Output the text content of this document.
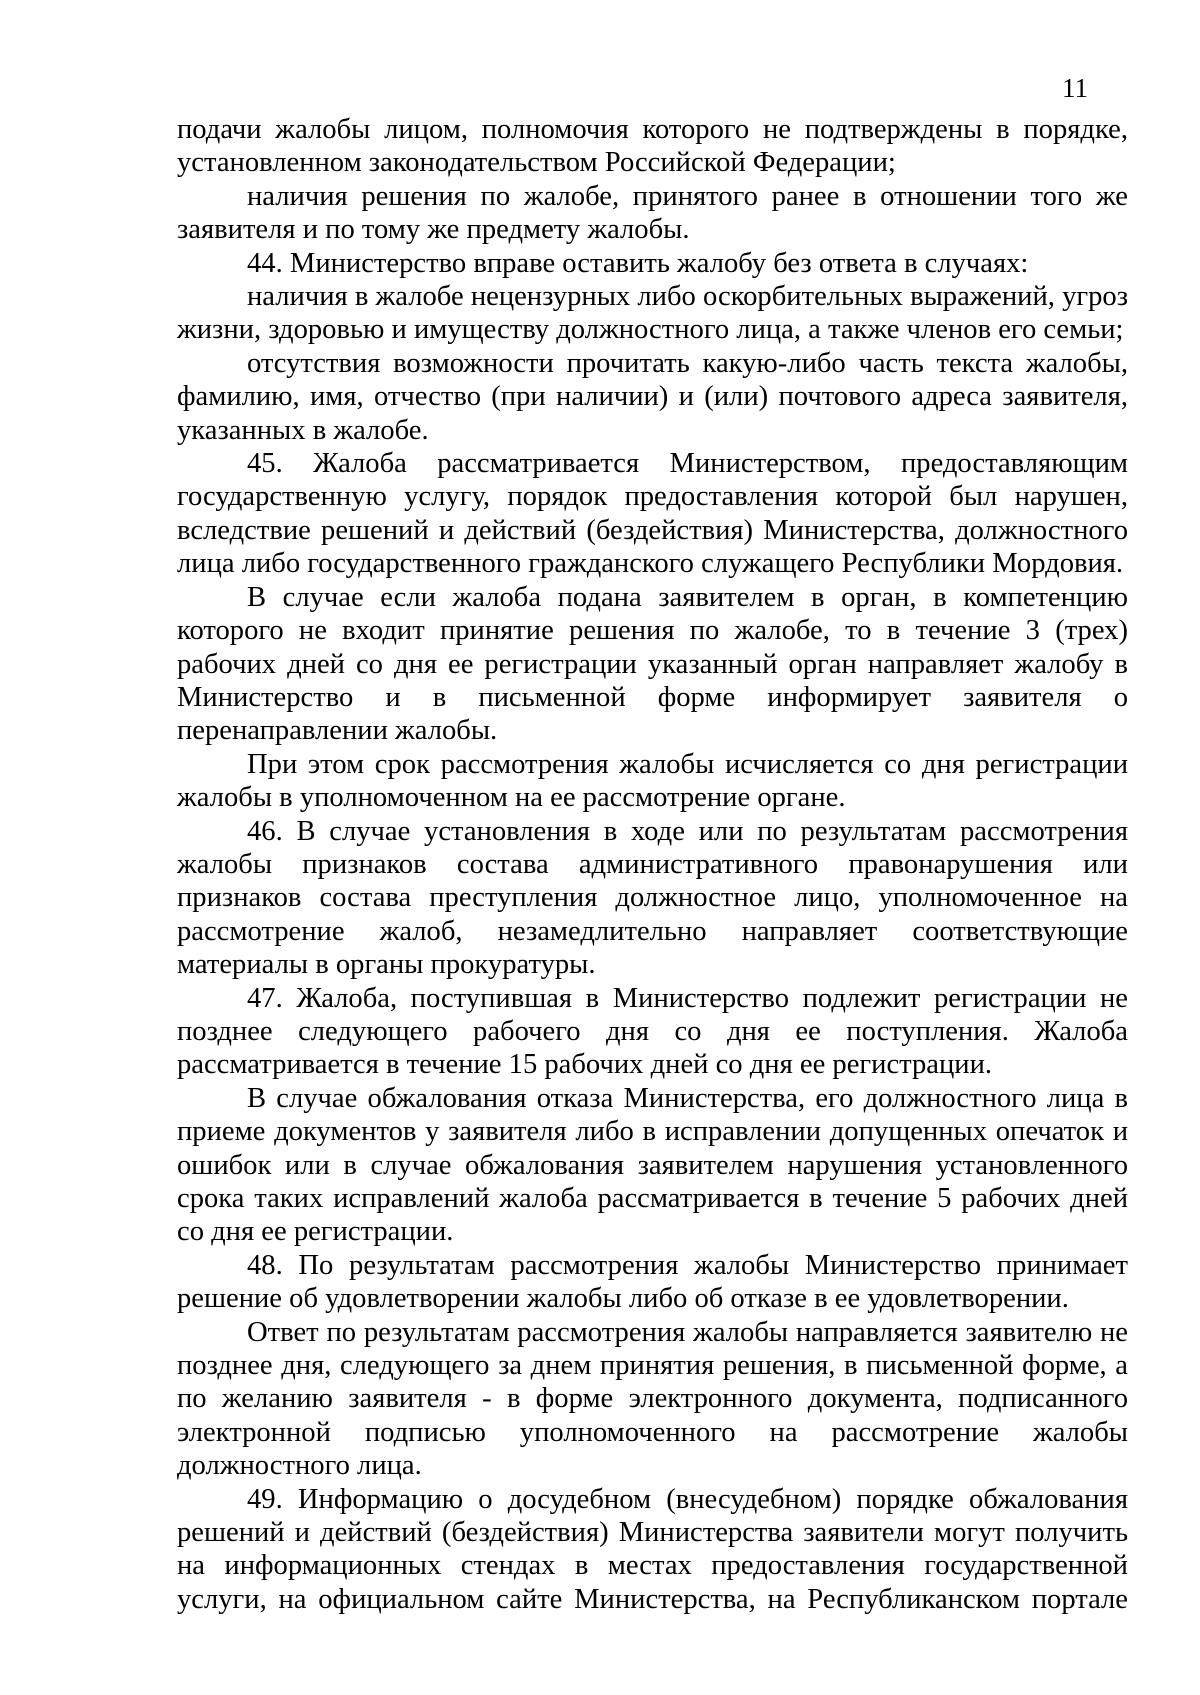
11

подачи жалобы лицом, полномочия которого не подтверждены в порядке, установленном законодательством Российской Федерации;

наличия решения по жалобе, принятого ранее в отношении того же заявителя и по тому же предмету жалобы.

44. Министерство вправе оставить жалобу без ответа в случаях:

наличия в жалобе нецензурных либо оскорбительных выражений, угроз жизни, здоровью и имуществу должностного лица, а также членов его семьи;

отсутствия возможности прочитать какую-либо часть текста жалобы, фамилию, имя, отчество (при наличии) и (или) почтового адреса заявителя, указанных в жалобе.

45. Жалоба рассматривается Министерством, предоставляющим государственную услугу, порядок предоставления которой был нарушен, вследствие решений и действий (бездействия) Министерства, должностного лица либо государственного гражданского служащего Республики Мордовия.

В случае если жалоба подана заявителем в орган, в компетенцию которого не входит принятие решения по жалобе, то в течение 3 (трех) рабочих дней со дня ее регистрации указанный орган направляет жалобу в Министерство и в письменной форме информирует заявителя о перенаправлении жалобы.

При этом срок рассмотрения жалобы исчисляется со дня регистрации жалобы в уполномоченном на ее рассмотрение органе.

46. В случае установления в ходе или по результатам рассмотрения жалобы признаков состава административного правонарушения или признаков состава преступления должностное лицо, уполномоченное на рассмотрение жалоб, незамедлительно направляет соответствующие материалы в органы прокуратуры.

47. Жалоба, поступившая в Министерство подлежит регистрации не позднее следующего рабочего дня со дня ее поступления. Жалоба рассматривается в течение 15 рабочих дней со дня ее регистрации.

В случае обжалования отказа Министерства, его должностного лица в приеме документов у заявителя либо в исправлении допущенных опечаток и ошибок или в случае обжалования заявителем нарушения установленного срока таких исправлений жалоба рассматривается в течение 5 рабочих дней со дня ее регистрации.

48. По результатам рассмотрения жалобы Министерство принимает решение об удовлетворении жалобы либо об отказе в ее удовлетворении.

Ответ по результатам рассмотрения жалобы направляется заявителю не позднее дня, следующего за днем принятия решения, в письменной форме, а по желанию заявителя - в форме электронного документа, подписанного электронной подписью уполномоченного на рассмотрение жалобы должностного лица.

49. Информацию о досудебном (внесудебном) порядке обжалования решений и действий (бездействия) Министерства заявители могут получить на информационных стендах в местах предоставления государственной услуги, на официальном сайте Министерства, на Республиканском портале
